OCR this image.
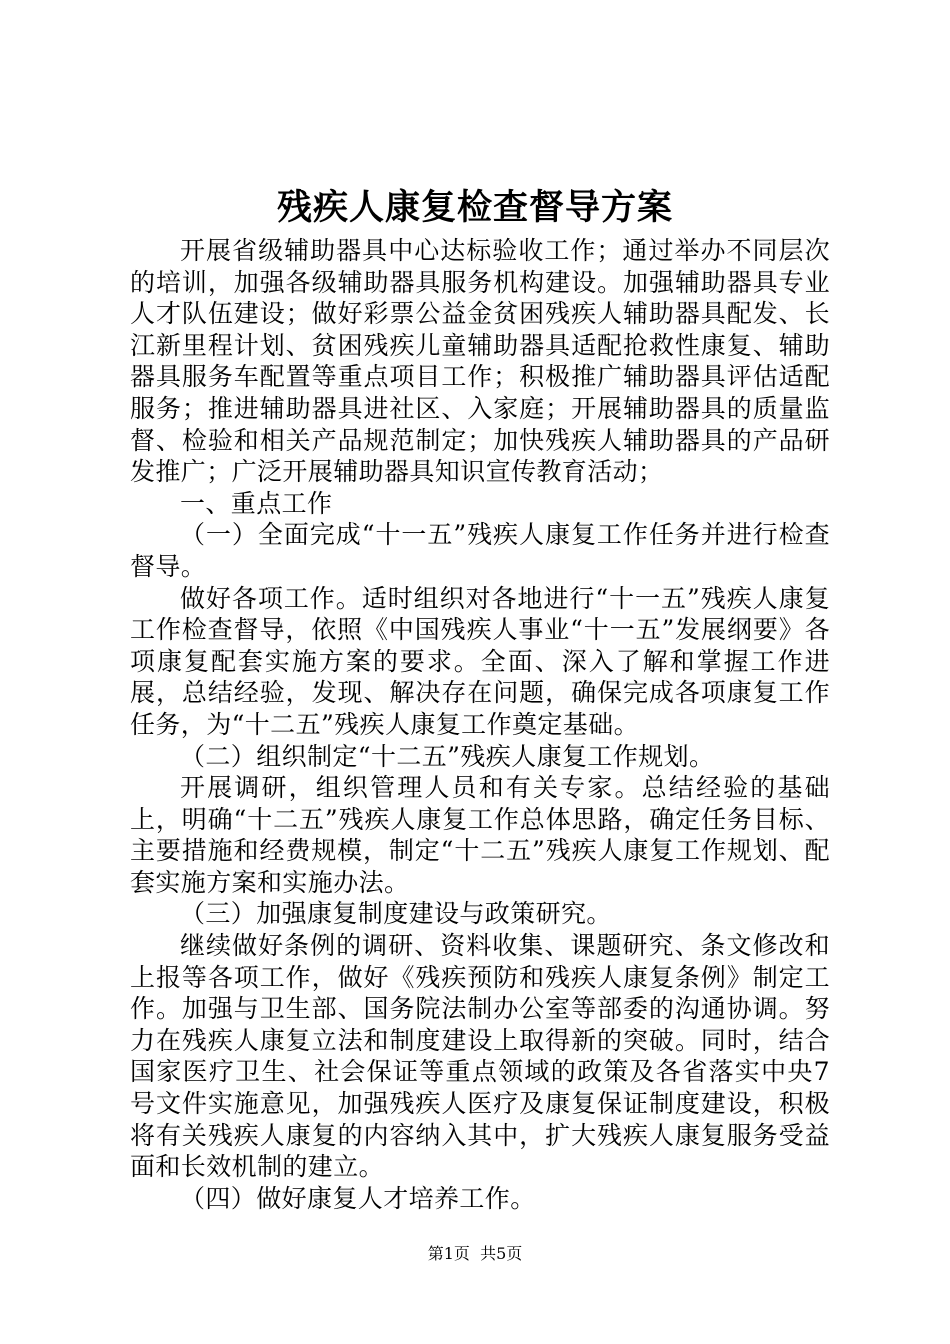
残疾人康复检查督导方案

开展省级辅助器具中心达标验收工作；通过举办不同层次的培训，加强各级辅助器具服务机构建设。加强辅助器具专业人才队伍建设；做好彩票公益金贫困残疾人辅助器具配发、长江新里程计划、贫困残疾儿童辅助器具适配抢救性康复、辅助器具服务车配置等重点项目工作；积极推广辅助器具评估适配服务；推进辅助器具进社区、入家庭；开展辅助器具的质量监督、检验和相关产品规范制定；加快残疾人辅助器具的产品研发推广；广泛开展辅助器具知识宣传教育活动；

一、重点工作

（一）全面完成“十一五”残疾人康复工作任务并进行检查督导。

做好各项工作。适时组织对各地进行“十一五”残疾人康复工作检查督导，依照《中国残疾人事业“十一五”发展纲要》各项康复配套实施方案的要求。全面、深入了解和掌握工作进展，总结经验，发现、解决存在问题，确保完成各项康复工作任务，为“十二五”残疾人康复工作奠定基础。

（二）组织制定“十二五”残疾人康复工作规划。

开展调研，组织管理人员和有关专家。总结经验的基础上，明确“十二五”残疾人康复工作总体思路，确定任务目标、主要措施和经费规模，制定“十二五”残疾人康复工作规划、配套实施方案和实施办法。

（三）加强康复制度建设与政策研究。

继续做好条例的调研、资料收集、课题研究、条文修改和上报等各项工作，做好《残疾预防和残疾人康复条例》制定工作。加强与卫生部、国务院法制办公室等部委的沟通协调。努力在残疾人康复立法和制度建设上取得新的突破。同时，结合国家医疗卫生、社会保证等重点领域的政策及各省落实中央7号文件实施意见，加强残疾人医疗及康复保证制度建设，积极将有关残疾人康复的内容纳入其中，扩大残疾人康复服务受益面和长效机制的建立。

（四）做好康复人才培养工作。

第1页  共5页
